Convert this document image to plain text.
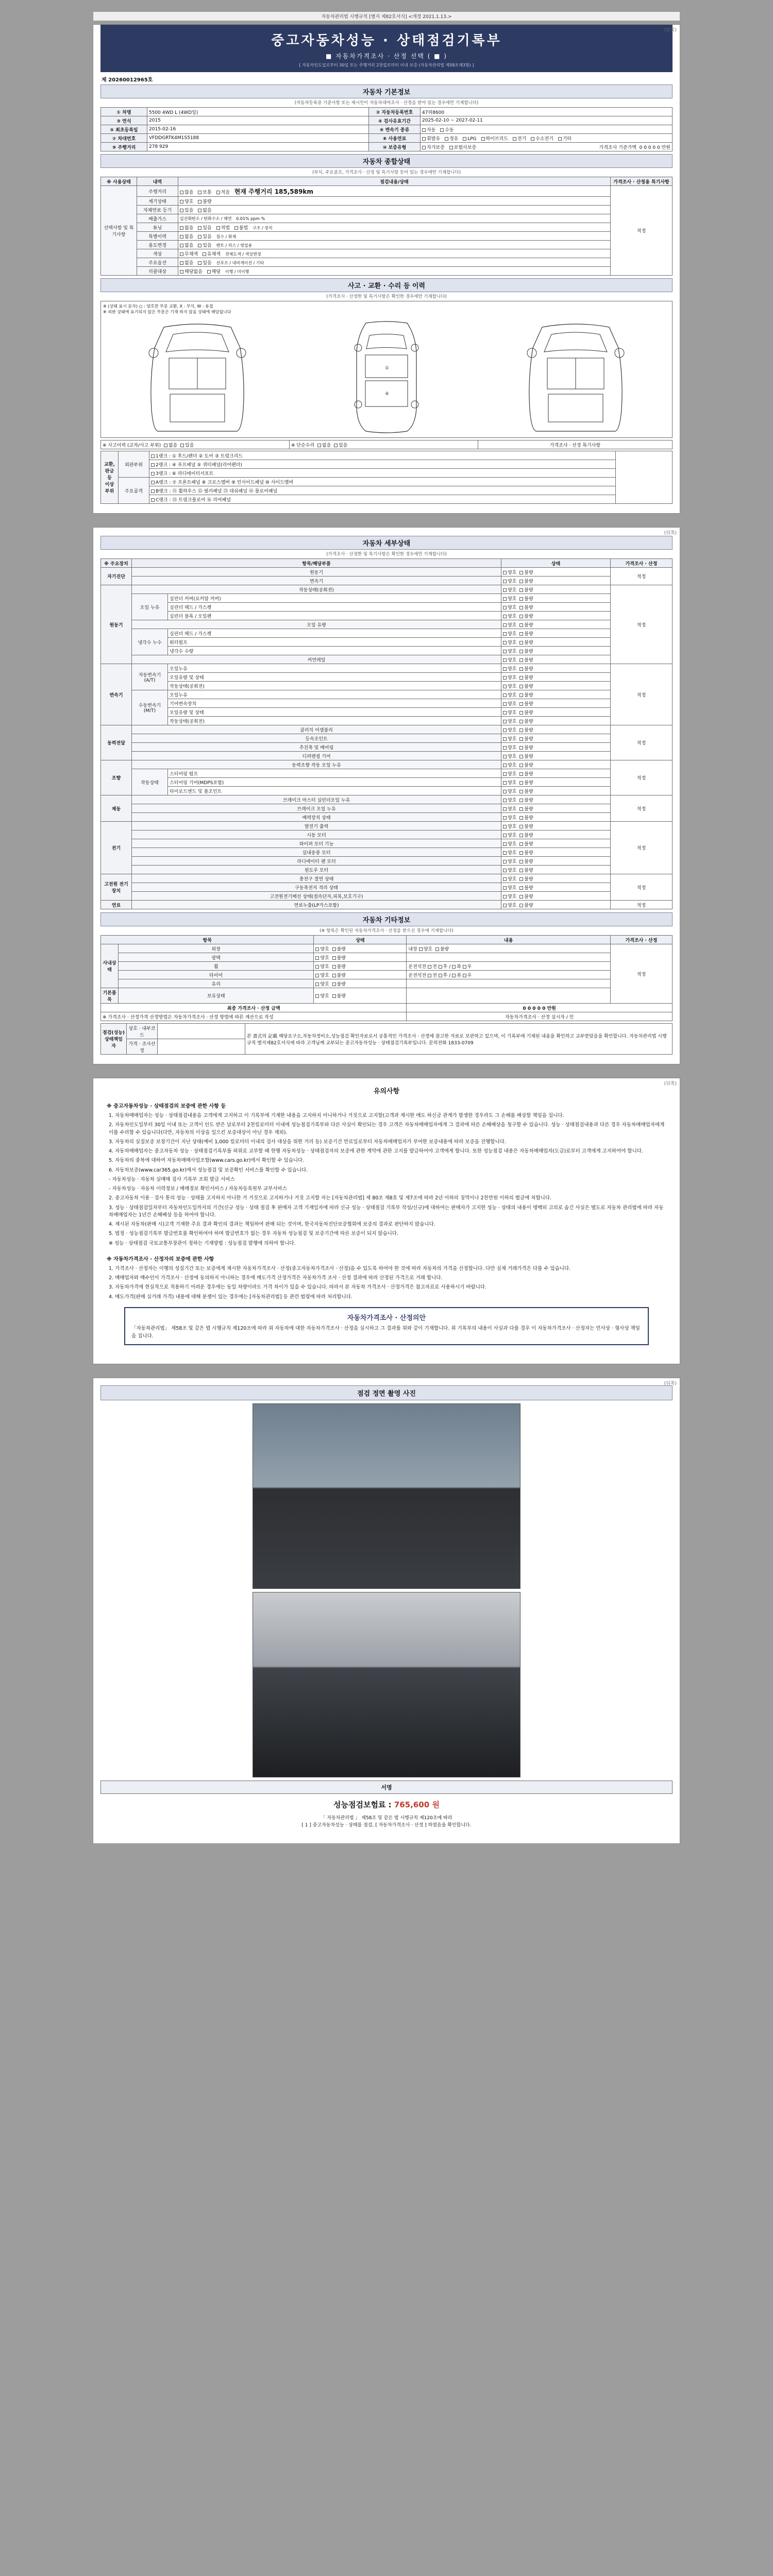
자동차관리법 시행규칙 [별지 제82호서식] <개정 2021.1.13.>
(앞쪽)
중고자동차성능 · 상태점검기록부
■ 자동차가격조사 · 산정 선택 ( ■ )
[ 자동차인도일로부터 30일 또는 주행거리 2천킬로미터 이내 보증 (자동차관리법 제58조제3항) ]
제 20260012965호
자동차 기본정보
(자동차등록증 기준사항 또는 제시인이 자동차대여조사 · 산정을 받아 있는 경우에만 기재합니다)
① 차명	5500 4WD L (4WD일)	② 자동차등록번호	47허8600
③ 연식	2015	④ 검사유효기간	2025-02-10 ~ 2027-02-11
⑤ 최초등록일	2015-02-16	⑥ 변속기 종류	자동 수동
⑦ 차대번호	VFDDGRTK4M1S5188	⑧ 사용연료	휘발유 경유 LPG 하이브리드 전기 수소전기 기타
⑨ 주행거리	278 929	⑩ 보증유형	자가보증 보험사보증 가격조사 기준가액 0 0 0 0 0 만원
자동차 종합상태
(부식, 주요골조, 가격조사 · 산정 및 특기사항 등이 있는 경우에만 기재합니다)
※ 사용상태	내역	점검내용/상태	가격조사 · 산정용 특기사항
선택사항 및 특기사항	주행거리	많음 보통 적음 현재 주행거리 185,589km	적정
	계기상태	양호 불량	
	자체연료 등기	있음 없음	
	배출가스	일산화탄소 / 탄화수소 / 매연 0.01% ppm %	
	튜닝	없음 있음 적법 불법 구조 / 장치	
	특별이력	없음 있음 침수 / 화재	
	용도변경	없음 있음 렌트 / 리스 / 영업용	
	색상	무채색 유채색 전체도색 / 색상변경	
	주요옵션	없음 있음 선루프 / 내비게이션 / 기타	
	리콜대상	해당없음 해당 이행 / 미이행	
사고 · 교환 · 수리 등 이력
(가격조사 · 산정한 및 특기사항은 확인한 경우에만 기재합니다)
※ (상태 표시 문자) ○ : 양호한 부분 교환, X : 부식, W : 용접
※ 외판 상태에 표기되지 않은 부분은 기재 하지 않음 상태에 해당됩니다
①
④
※ 사고이력 (교차/사고 부위) 없음 있음	※ 단순수리 없음 있음	가격조사 · 산정 특기사항
교환,
판금 등
이상
부위	외판부위	1랭크 : ① 후드/펜더 ② 도어 ③ 트렁크리드	
		2랭크 : ④ 루프패널 ⑤ 쿼터패널(리어펜더)	
		3랭크 : ⑥ 라디에이터서포트	
	주요골격	A랭크 : ⑦ 프론트패널 ⑧ 크로스멤버 ⑨ 인사이드패널 ⑩ 사이드멤버	
		B랭크 : ⑪ 휠하우스 ⑫ 필러패널 ⑬ 대쉬패널 ⑭ 플로어패널	
		C랭크 : ⑮ 트렁크플로어 ⑯ 리어패널	
(뒤쪽)
자동차 세부상태
(가격조사 · 산정한 및 특기사항은 확인한 경우에만 기재합니다)
※ 주요장치	항목/해당부품		상태	가격조사 · 산정
자기진단	원동기		양호  불량	적정
	변속기		양호  불량	
원동기	작동상태(공회전)		양호  불량	적정
	오일 누유	실린더 커버(로커암 커버)	양호  불량	
		실린더 헤드 / 가스켓	양호  불량	
		실린더 블록 / 오일팬	양호  불량	
	오일 유량		양호  불량	
	냉각수 누수	실린더 헤드 / 가스켓	양호  불량	
		워터펌프	양호  불량	
		냉각수 수량	양호  불량	
	커먼레일		양호  불량	
변속기	자동변속기 (A/T)	오일누유	양호  불량	적정
		오일유량 및 상태	양호  불량	
		작동상태(공회전)	양호  불량	
	수동변속기 (M/T)	오일누유	양호  불량	
		기어변속장치	양호  불량	
		오일유량 및 상태	양호  불량	
		작동상태(공회전)	양호  불량	
동력전달	클러치 어셈블리		양호  불량	적정
	등속조인트		양호  불량	
	추진축 및 베어링		양호  불량	
	디퍼렌셜 기어		양호  불량	
조향	동력조향 작동 오일 누유		양호  불량	적정
	작동상태	스티어링 펌프	양호  불량	
		스티어링 기어(MDPS포함)	양호  불량	
		타이로드엔드 및 볼조인트	양호  불량	
제동	브레이크 마스터 실린더오일 누유		양호  불량	적정
	브레이크 오일 누유		양호  불량	
	배력장치 상태		양호  불량	
전기	발전기 출력		양호  불량	적정
	시동 모터		양호  불량	
	와이퍼 모터 기능		양호  불량	
	실내송풍 모터		양호  불량	
	라디에이터 팬 모터		양호  불량	
	윈도우 모터		양호  불량	
고전원 전기장치	충전구 절연 상태		양호  불량	적정
	구동축전지 격리 상태		양호  불량	
	고전원전기배선 상태(접속단자,피복,보호기구)		양호  불량	
연료	연료누출(LP가스포함)		양호  불량	적정
자동차 기타정보
(※ 항목은 확인된 자동차가격조사 · 산정을 받으신 경우에 기재합니다)
항목		상태	내용	가격조사 · 산정
사내상태	외장	양호  불량	내장 양호  불량	적정
	광택	양호  불량		
	휠	양호  불량	운전석전 전 후 / 좌 우	
	타이어	양호  불량	운전석전 전 후 / 좌 우	
	유리	양호  불량		
기본품목	보유상태	양호  불량		
최종 가격조사 · 산정 금액			0 0 0 0 0 만원	
※ 가격조사 · 산정가격 산정방법은 자동차가격조사 · 산정 방법에 따른 계산으로 작성			자동차가격조사 · 산정 실시자 / 인	
점검(성능)
상태책임자	상호 · 내부코드		본 書式의 記載 해당요구소,자동차정비소,성능점검 확인자료로서 공통적인 가격조사 · 산정에 참고한 자료로 보관하고 있으며, 이 기록부에 기재된 내용을 확인하고 교부받았음을 확인합니다. 자동차관리법 시행규칙 별지제82호서식에 따라 고객님께 교부되는 중고자동차성능 · 상태점검기록부입니다. 문의전화 1833-0709
	가격 · 조사산정		
(뒤쪽)
유의사항
※ 중고자동차성능 · 상태점검의 보증에 관한 사항 등
1. 자동차매매업자는 성능 · 상태점검내용을 고객에게 고지하고 이 기록부에 기재한 내용을 고지하지 아니하거나 거짓으로 고지할(고객과 제시한 매도 하신금 관계가 발생한 경우라도 그 손해를 배상할 책임을 집니다.
2. 자동차인도일부터 30일 이내 또는 고객이 인도 받은 날로부터 2천킬로미터 이내에 성능점검기록부와 다른 사실이 확인되는 경우 고객은 자동차매매업자에게 그 결과에 따른 손해배상을 청구할 수 있습니다. 성능 · 상태점검내용과 다른 경우 자동차매매업자에게 이를 수리할 수 있습니다(다만, 자동차의 이상을 일으킨 보증대상이 아닌 경우 제외).
3. 자동차의 실질보증 보장기간이 지난 상태(예비 1,000 킬로미터 이내의 검사 대상을 위한 거리 등) 보증기간 만료일로부터 자동차매매업자가 부여한 보증내용에 따라 보증을 진행합니다.
4. 자동차매매업자는 중고자동차 성능 · 상태점검기록부를 허위로 교부할 때 현행 자동차성능 · 상태점검자의 보증에 관한 계약에 관한 고지를 발급하여야 고객에게 합니다. 또한 성능점검 내용은 자동차매매업자(도급)로부터 고객에게 고지하여야 합니다.
5. 자동차의 중복에 대하여 자동차매매사업조합(www.cars.go.kr)에서 확인할 수 있습니다.
6. 자동차보증(www.car365.go.kr)에서 성능점검 및 보증확인 서비스를 확인할 수 있습니다.
- 자동차성능 · 자동차 실매매 검사 기록부 조회 발급 서비스
- 자동차성능 · 자동차 이력정보 / 매매정보 확인서비스 / 자동차등록원부 교부서비스
2. 중고자동차 이용 · 검사 통의 성능 · 상태를 고지하지 아니한 거 거짓으로 고지하거나 거짓 고지할 자는 [자동차관리법] 제 80조 제8호 및 제7조에 따라 2년 이하의 징역이나 2천만원 이하의 벌금에 처합니다.
3. 성능 · 상태점검일자부터 자동차인도일까지의 기간(신규 성능 · 상태 점검 후 판매자 고객 기재일자에 따라 신규 성능 · 상태점검 기록부 작성/신규)에 대하여는 판매자가 고지한 성능 · 상태의 내용이 명백히 고의로 숨긴 사실은 별도로 자동차 관리법에 따라 자동차매매업자는 1년간 손해배상 등을 하여야 합니다.
4. 제시된 자동차(판매 시)고객 기재한 주요 결과 확인의 결과는 책임하여 판매 되는 것이며, 한국자동차진단보증협회에 보증의 결과로 판단하지 않습니다.
5. 법정 · 성능점검기록부 발급번호를 확인하여야 하며 발급번호가 없는 경우 자동차 성능점검 및 보증기간에 따른 보증이 되지 않습니다.
※ 성능 · 상태점검 국토교통부장관이 정하는 기재방법 : 성능점검 발행에 의하여 합니다.
※ 자동차가격조사 · 산정자의 보증에 관한 사항
1. 가격조사 · 산정자는 이행의 성질기간 또는 보증에게 제시한 자동차가격조사 · 산정(중고자동차가격조사 · 산정)을 수 있도록 하여야 한 것에 따라 자동차의 가격을 산정합니다. 다만 실제 거래가격은 다를 수 있습니다.
2. 매매업자와 매수인이 가격조사 · 산정에 동의하지 아니하는 경우에 매도가격 산정가격은 자동차가격 조사 · 산정 결과에 따라 산정된 가격으로 거래 합니다.
3. 자동차가격에 현실적으로 적용하기 어려운 경우에는 동일 차량이라도 가격 차이가 있을 수 있습니다. 따라서 본 자동차 가격조사 · 산정가격은 참고자료로 사용하시기 바랍니다.
4. 매도가격(판매 실거래 가격) 내용에 대해 분쟁이 있는 경우에는 [자동차관리법] 등 관련 법령에 따라 처리합니다.
자동차가격조사 · 산정의안
「자동차관리법」 제58조 및 같은 법 시행규칙 제120조에 따라 위 자동차에 대한 자동차가격조사 · 산정을 실시하고 그 결과를 위와 같이 기재합니다. 위 기록부의 내용이 사실과 다를 경우 이 자동차가격조사 · 산정자는 민사상 · 형사상 책임을 집니다.
(뒤쪽)
점검 정면 촬영 사진
서명
성능점검보험료 : 765,600 원
「 자동차관리법 」 제58조 및 같은 법 시행규칙 제120조에 따라
[ 1 ] 중고자동차성능 · 상태를 점검, [ 자동차가격조사 · 산정 ] 하였음을 확인합니다.
